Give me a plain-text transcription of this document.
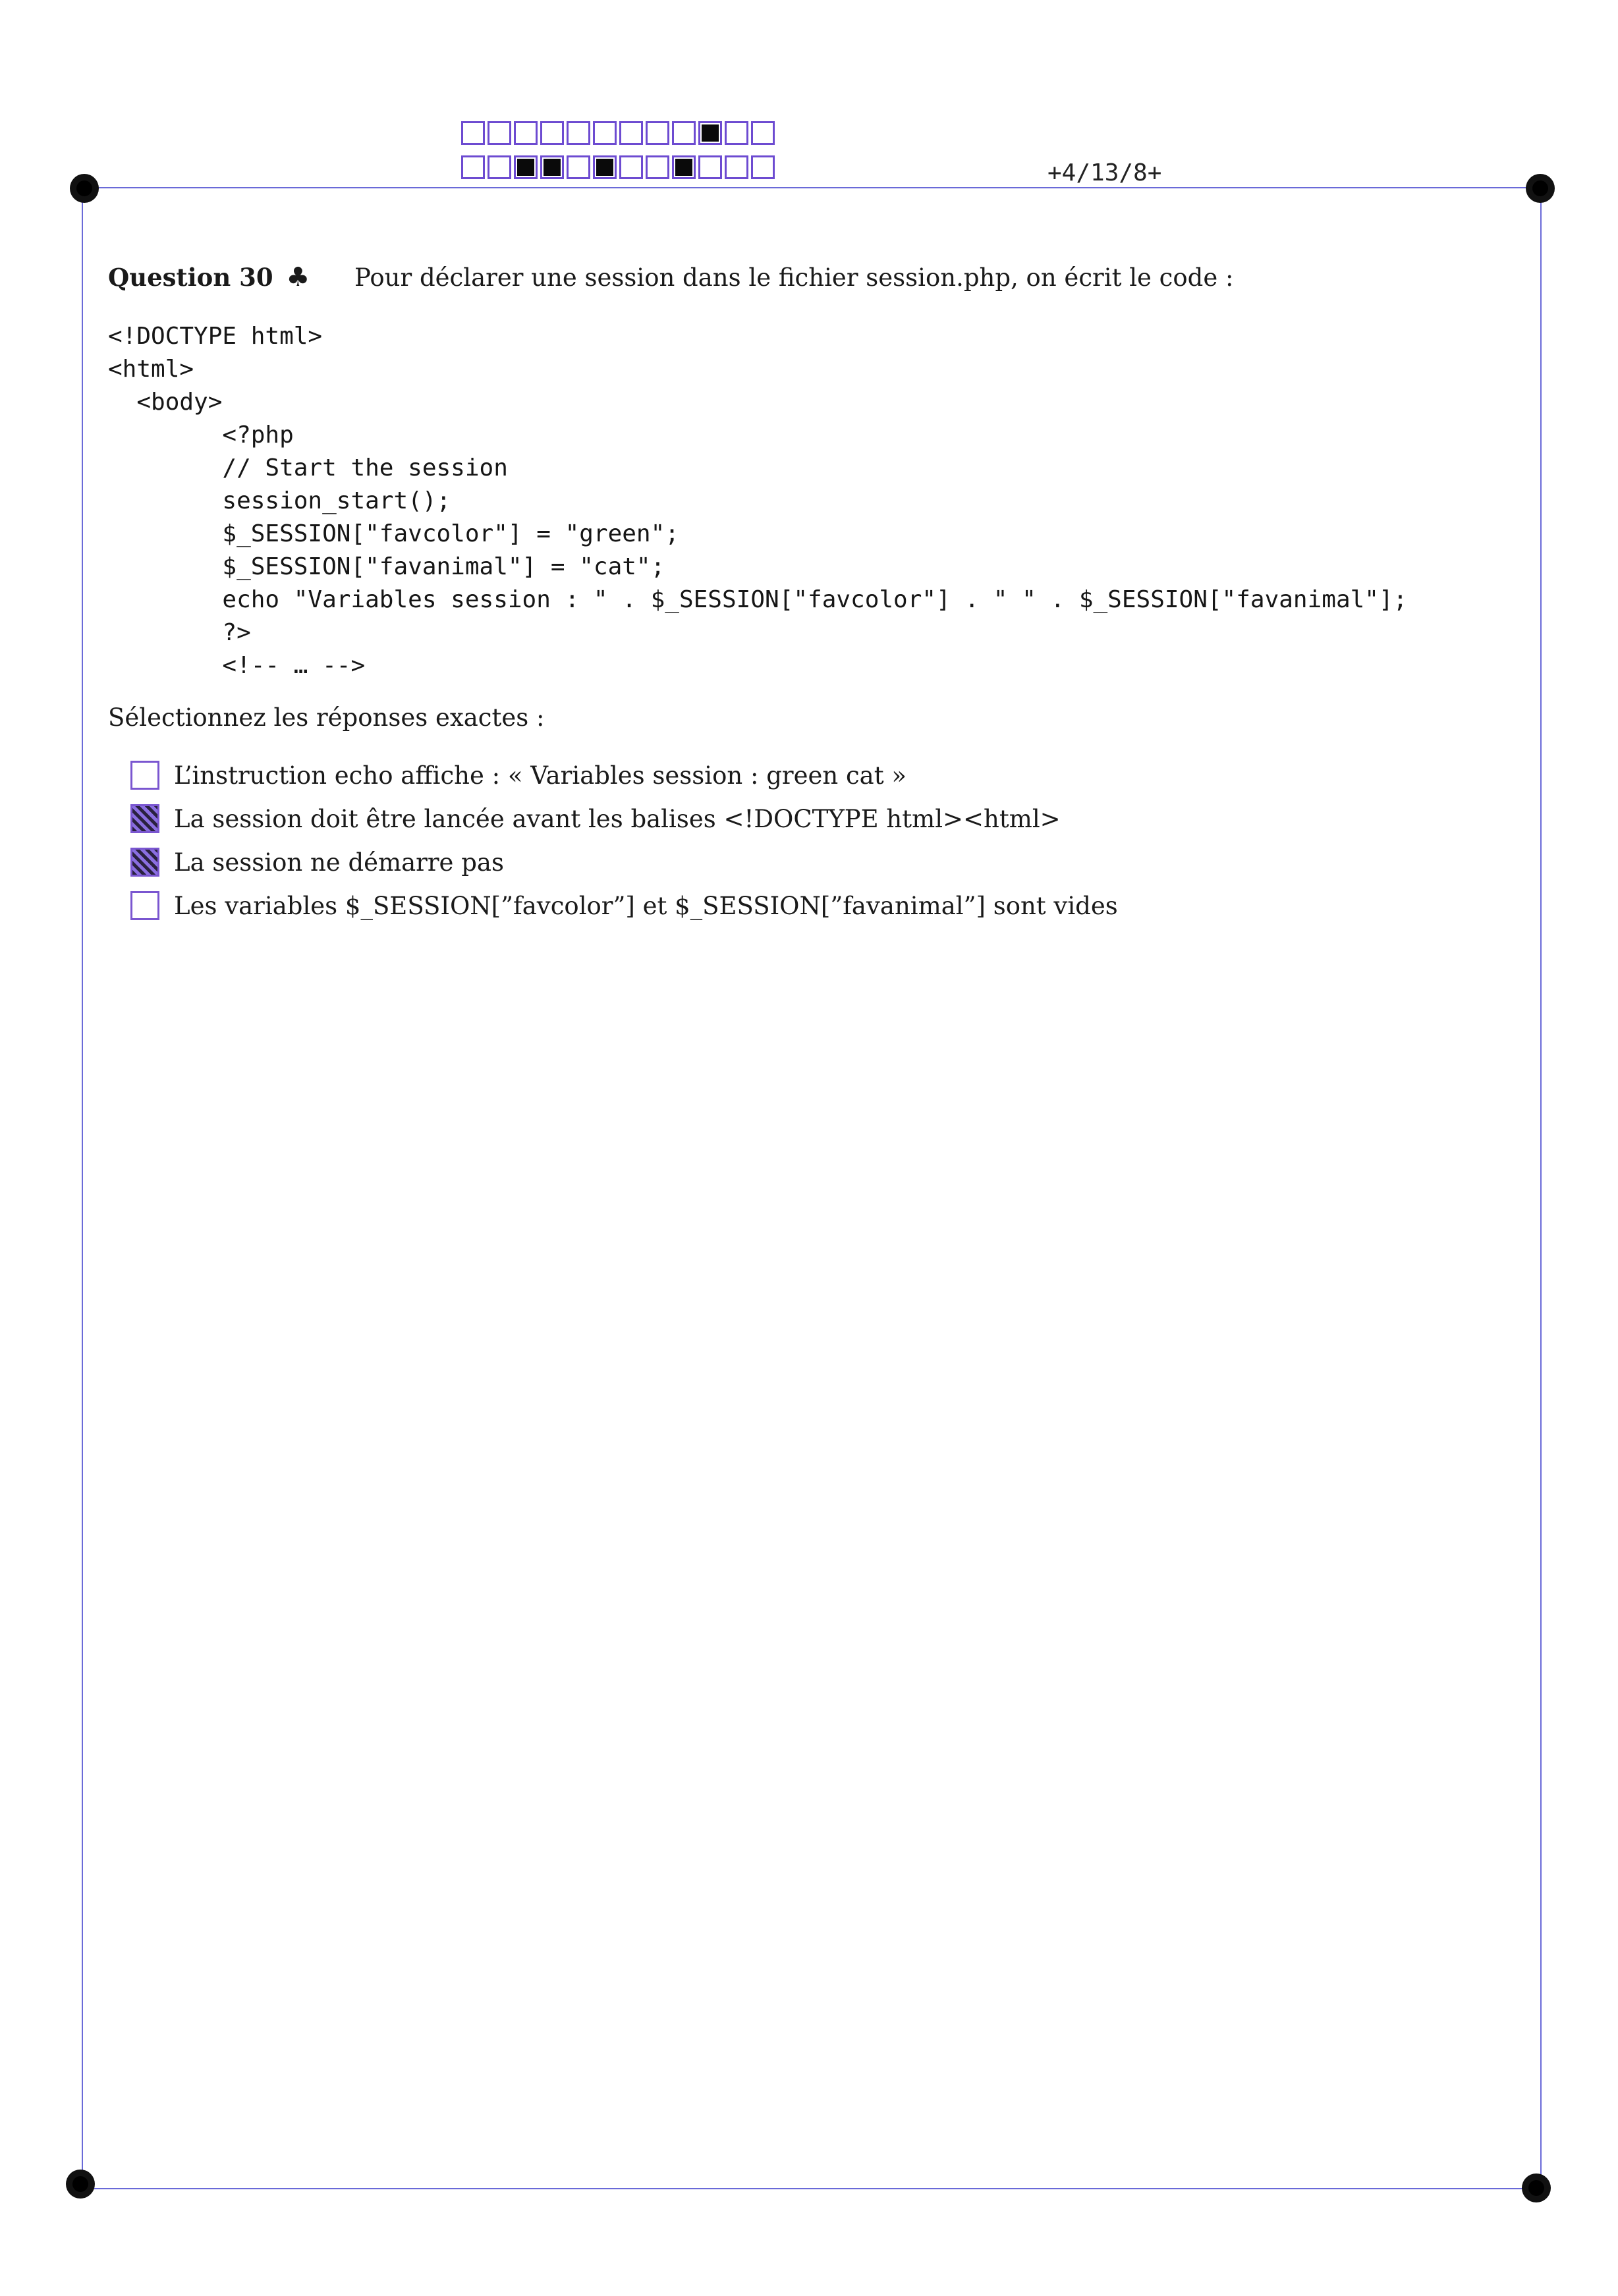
+4/13/8+
Question 30 ♣ Pour déclarer une session dans le fichier session.php, on écrit le code :
<!DOCTYPE html>
<html>
<body>
<?php
// Start the session
session_start();
$_SESSION["favcolor"] = "green";
$_SESSION["favanimal"] = "cat";
echo "Variables session : " . $_SESSION["favcolor"] . " " . $_SESSION["favanimal"];
?>
<!-- … -->
Sélectionnez les réponses exactes :
L’instruction echo affiche : « Variables session : green cat »
La session doit être lancée avant les balises <!DOCTYPE html><html>
La session ne démarre pas
Les variables $_SESSION[”favcolor”] et $_SESSION[”favanimal”] sont vides
